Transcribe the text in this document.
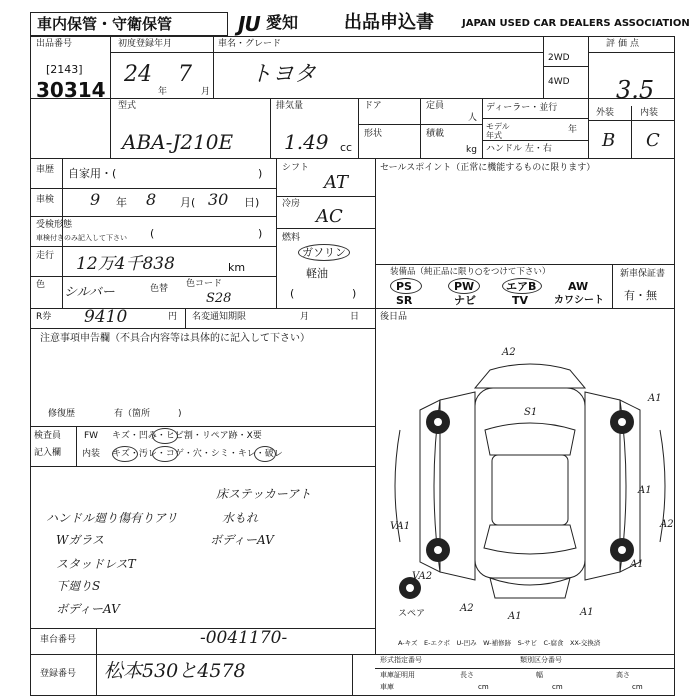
車内保管・守衛保管	JU 愛知	出品申込書	JAPAN USED CAR DEALERS ASSOCIATION
出品番号
[2143]
30314
初度登録年月
24
年
7
月
車名・グレード
トヨタ
2WD
4WD
評価点
3.5
型式
ABA-J210E
排気量
1.49 cc
ドア
形状
定員
人
積載
kg
ディーラー・並行
モデル年式
年
ハンドル 左・右
外装	内装
B C
車歴 自家用・(	)
車検 9 年 8 月( 30 日)
受検形態
車検付きのみ記入して下さい (	)
走行 12万4千838	km
色 シルバー	色替 色コード
S28
シフト
AT
冷房
AC
燃料
ガソリン
軽油
(	)
セールスポイント（正常に機能するものに限ります）
装備品（純正品に限り○をつけて下さい）
PS	PW	エアB	AW
SR	ナビ	TV	カワシート
新車保証書
有・無
R券 9410	円 名変通知期限	月	日 後日品
注意事項申告欄（不具合内容等は具体的に記入して下さい）
修復歴	有（箇所	)
検査員
記入欄
FW キズ・凹み・ヒビ割・リペア跡・X要
内装 キズ・汚レ・コゲ・穴・シミ・キレ・破レ
ハンドル廻り傷有りアリ
Wガラス
スタッドレスT
下廻りS
ボディーAV
床ステッカーアト
水もれ
ボディーAV
A2
S1
A1
A1
A2
A1
VA1
VA2
A2
A1	A1
スペア
A-キズ　E-エクボ　U-凹み　W-補修跡　S-サビ　C-腐食　XX-交換済
車台番号	-0041170-
登録番号 松本530と4578	形式指定番号	類別区分番号
車庫証明用	長さ	幅	高さ
車庫	cm	cm	cm
